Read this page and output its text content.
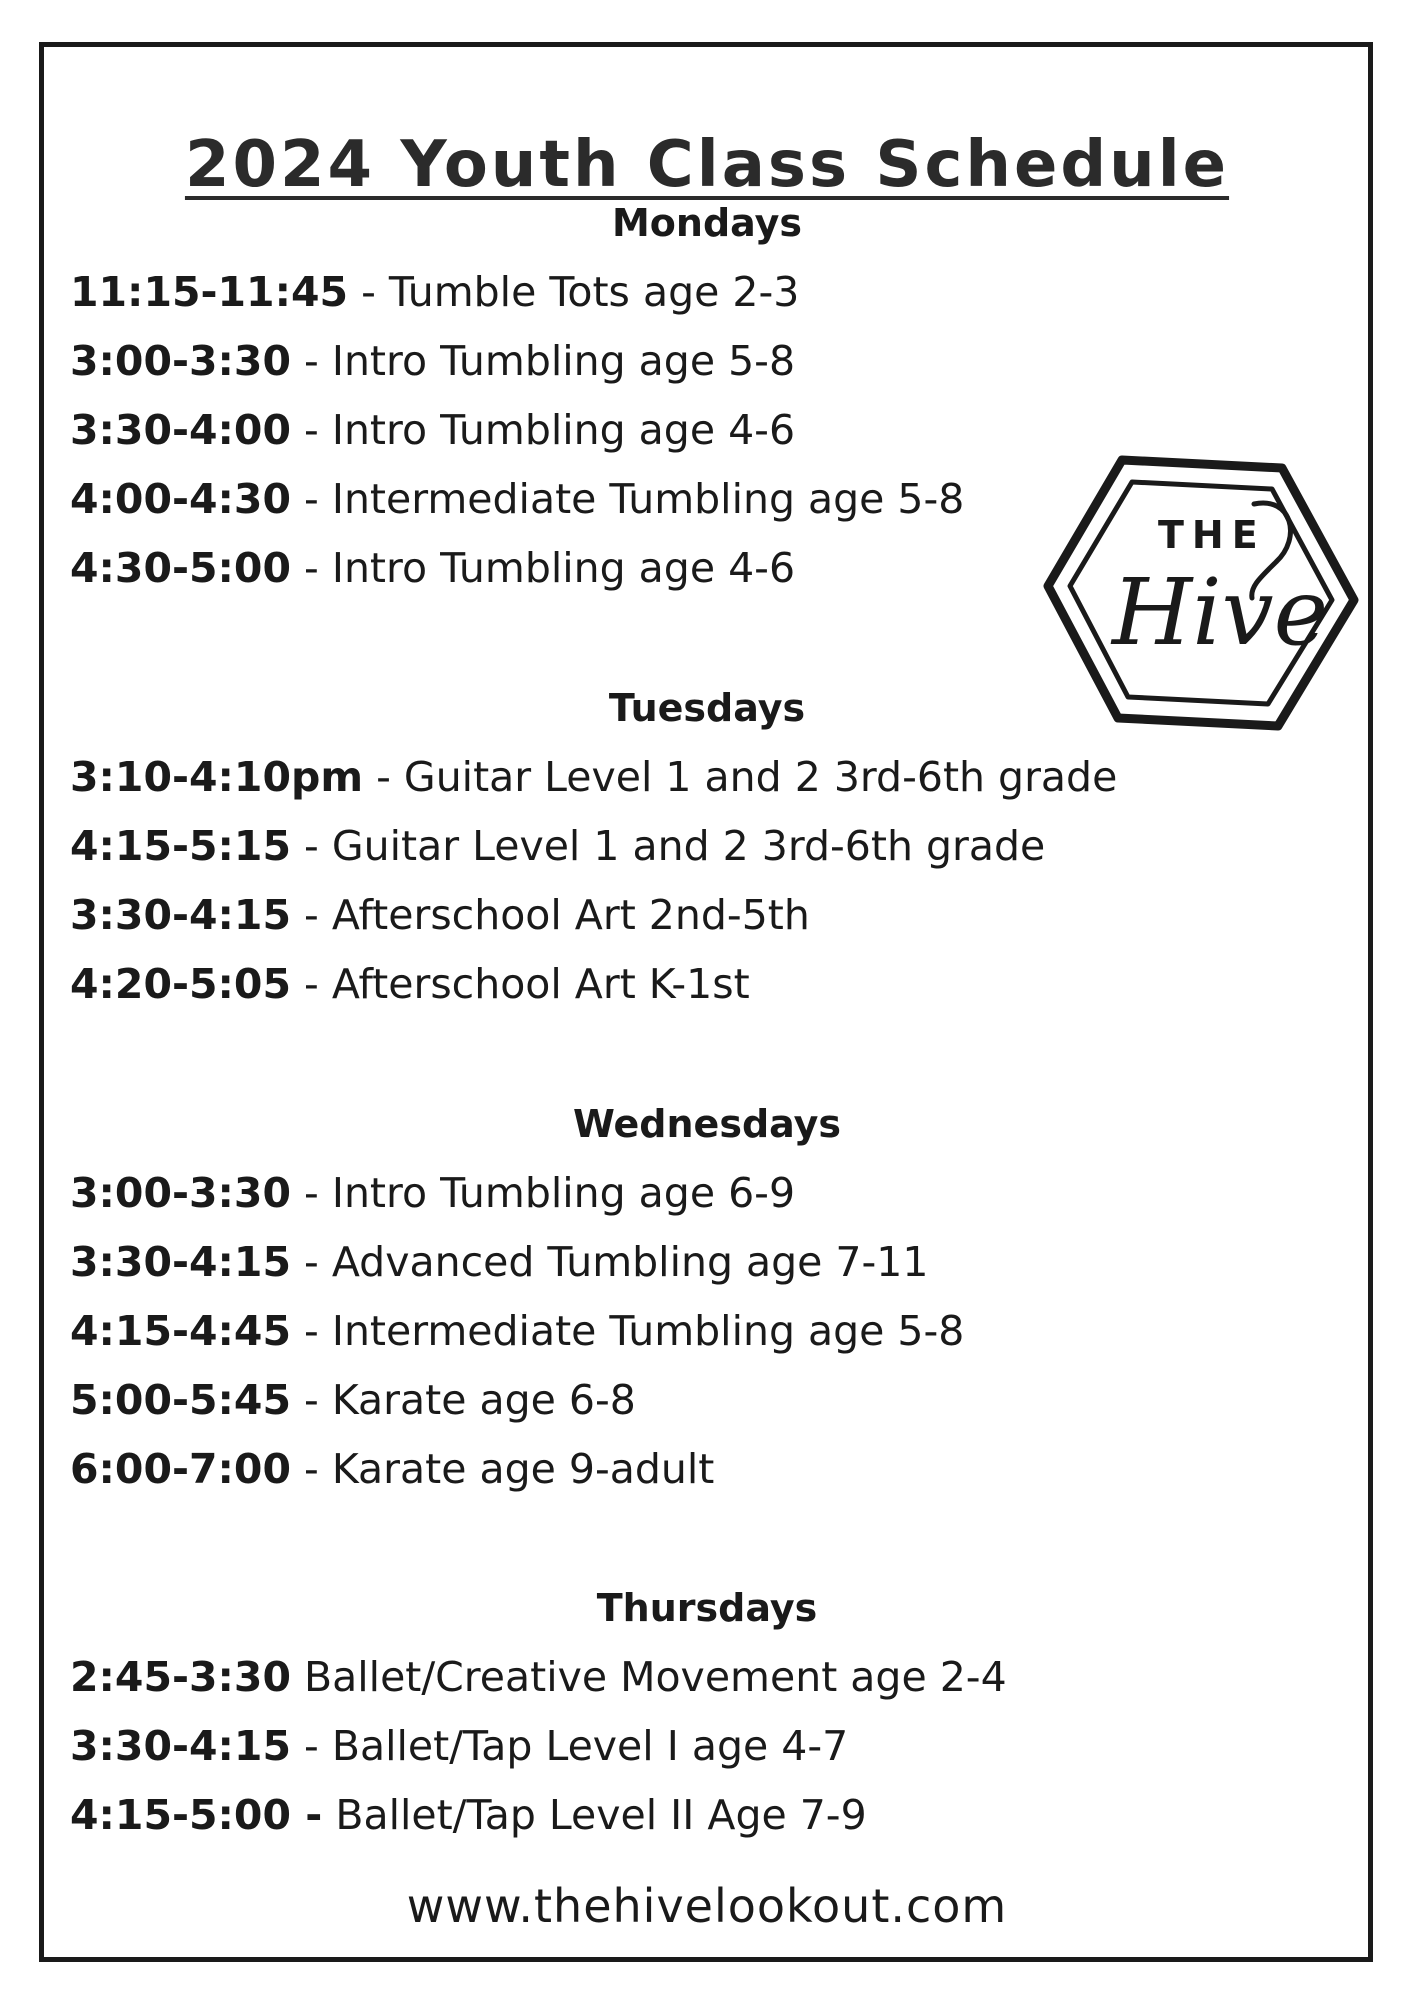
2024 Youth Class Schedule
Mondays

11:15-11:45 - Tumble Tots age 2-3

3:00-3:30 - Intro Tumbling age 5-8

3:30-4:00 - Intro Tumbling age 4-6

4:00-4:30 - Intermediate Tumbling age 5-8

4:30-5:00 - Intro Tumbling age 4-6

THE
Hive
Tuesdays

3:10-4:10pm - Guitar Level 1 and 2 3rd-6th grade

4:15-5:15 - Guitar Level 1 and 2 3rd-6th grade

3:30-4:15 - Afterschool Art 2nd-5th

4:20-5:05 - Afterschool Art K-1st

Wednesdays

3:00-3:30 - Intro Tumbling age 6-9

3:30-4:15 - Advanced Tumbling age 7-11

4:15-4:45 - Intermediate Tumbling age 5-8

5:00-5:45 - Karate age 6-8

6:00-7:00 - Karate age 9-adult

Thursdays

2:45-3:30 Ballet/Creative Movement age 2-4

3:30-4:15 - Ballet/Tap Level I age 4-7

4:15-5:00 - Ballet/Tap Level II Age 7-9

www.thehivelookout.com
